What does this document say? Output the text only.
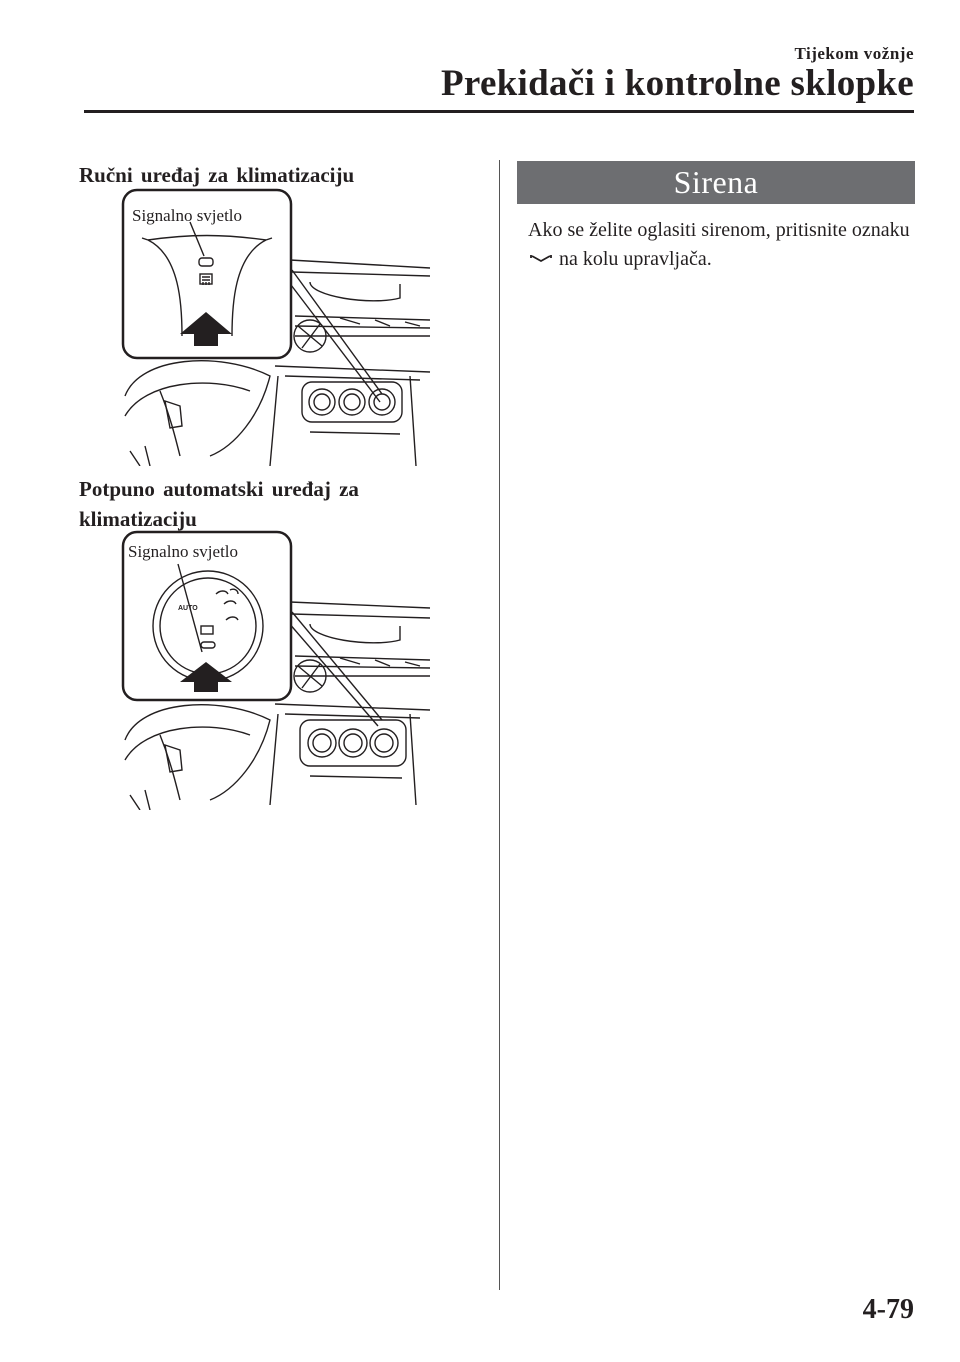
Tijekom vožnje
Prekidači i kontrolne sklopke
Ručni uređaj za klimatizaciju
Signalno svjetlo
Potpuno automatski uređaj za klimatizaciju
AUTO
Signalno svjetlo
Sirena
Ako se želite oglasiti sirenom, pritisnite oznaku  na kolu upravljača.
4-79
